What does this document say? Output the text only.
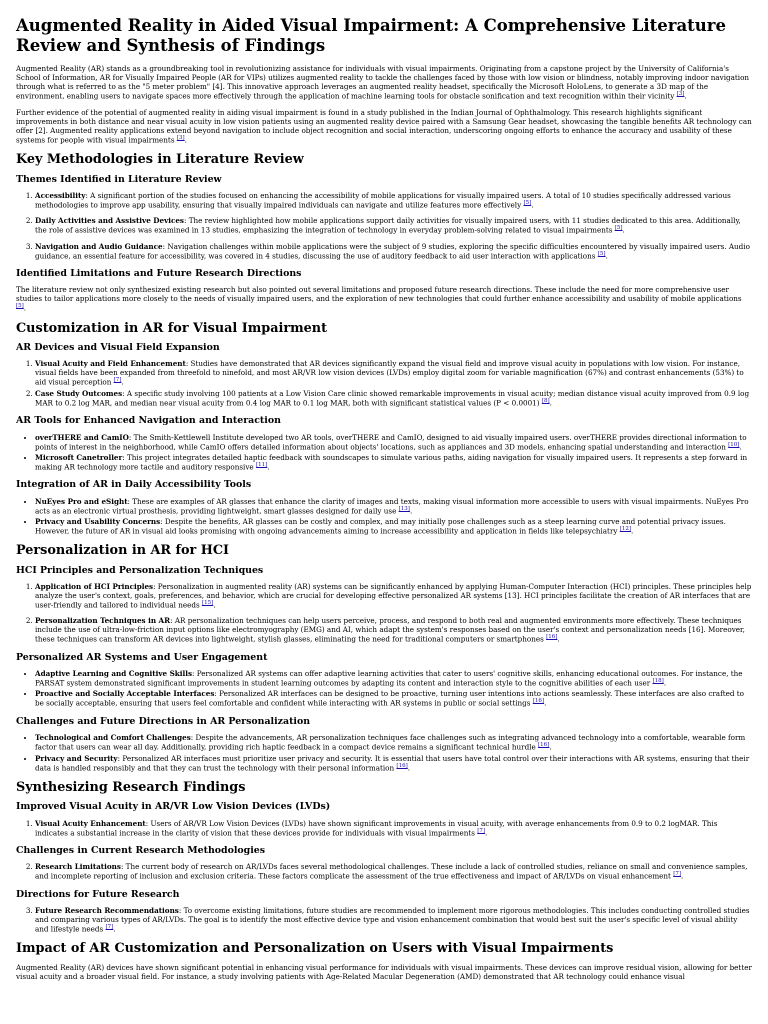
Augmented Reality in Aided Visual Impairment: A Comprehensive Literature Review and Synthesis of Findings

Augmented Reality (AR) stands as a groundbreaking tool in revolutionizing assistance for individuals with visual impairments. Originating from a capstone project by the University of California's School of Information, AR for Visually Impaired People (AR for VIPs) utilizes augmented reality to tackle the challenges faced by those with low vision or blindness, notably improving indoor navigation through what is referred to as the "5 meter problem" [4]. This innovative approach leverages an augmented reality headset, specifically the Microsoft HoloLens, to generate a 3D map of the environment, enabling users to navigate spaces more effectively through the application of machine learning tools for obstacle sonification and text recognition within their vicinity [3].

Further evidence of the potential of augmented reality in aiding visual impairment is found in a study published in the Indian Journal of Ophthalmology. This research highlights significant improvements in both distance and near visual acuity in low vision patients using an augmented reality device paired with a Samsung Gear headset, showcasing the tangible benefits AR technology can offer [2]. Augmented reality applications extend beyond navigation to include object recognition and social interaction, underscoring ongoing efforts to enhance the accuracy and usability of these systems for people with visual impairments [3].

Key Methodologies in Literature Review
Themes Identified in Literature Review
1. Accessibility: A significant portion of the studies focused on enhancing the accessibility of mobile applications for visually impaired users. A total of 10 studies specifically addressed various methodologies to improve app usability, ensuring that visually impaired individuals can navigate and utilize features more effectively [5].
2. Daily Activities and Assistive Devices: The review highlighted how mobile applications support daily activities for visually impaired users, with 11 studies dedicated to this area. Additionally, the role of assistive devices was examined in 13 studies, emphasizing the integration of technology in everyday problem-solving related to visual impairments [5].
3. Navigation and Audio Guidance: Navigation challenges within mobile applications were the subject of 9 studies, exploring the specific difficulties encountered by visually impaired users. Audio guidance, an essential feature for accessibility, was covered in 4 studies, discussing the use of auditory feedback to aid user interaction with applications [5].
Identified Limitations and Future Research Directions

The literature review not only synthesized existing research but also pointed out several limitations and proposed future research directions. These include the need for more comprehensive user studies to tailor applications more closely to the needs of visually impaired users, and the exploration of new technologies that could further enhance accessibility and usability of mobile applications [5].

Customization in AR for Visual Impairment
AR Devices and Visual Field Expansion
1. Visual Acuity and Field Enhancement: Studies have demonstrated that AR devices significantly expand the visual field and improve visual acuity in populations with low vision. For instance, visual fields have been expanded from threefold to ninefold, and most AR/VR low vision devices (LVDs) employ digital zoom for variable magnification (67%) and contrast enhancements (53%) to aid visual perception [7].
2. Case Study Outcomes: A specific study involving 100 patients at a Low Vision Care clinic showed remarkable improvements in visual acuity; median distance visual acuity improved from 0.9 log MAR to 0.2 log MAR, and median near visual acuity from 0.4 log MAR to 0.1 log MAR, both with significant statistical values (P < 0.0001) [8].
AR Tools for Enhanced Navigation and Interaction
• overTHERE and CamIO: The Smith-Kettlewell Institute developed two AR tools, overTHERE and CamIO, designed to aid visually impaired users. overTHERE provides directional information to points of interest in the neighborhood, while CamIO offers detailed information about objects' locations, such as appliances and 3D models, enhancing spatial understanding and interaction [10].
• Microsoft Canetroller: This project integrates detailed haptic feedback with soundscapes to simulate various paths, aiding navigation for visually impaired users. It represents a step forward in making AR technology more tactile and auditory responsive [11].
Integration of AR in Daily Accessibility Tools
• NuEyes Pro and eSight: These are examples of AR glasses that enhance the clarity of images and texts, making visual information more accessible to users with visual impairments. NuEyes Pro acts as an electronic virtual prosthesis, providing lightweight, smart glasses designed for daily use [13].
• Privacy and Usability Concerns: Despite the benefits, AR glasses can be costly and complex, and may initially pose challenges such as a steep learning curve and potential privacy issues. However, the future of AR in visual aid looks promising with ongoing advancements aiming to increase accessibility and application in fields like telepsychiatry [12].
Personalization in AR for HCI
HCI Principles and Personalization Techniques
1. Application of HCI Principles: Personalization in augmented reality (AR) systems can be significantly enhanced by applying Human-Computer Interaction (HCI) principles. These principles help analyze the user's context, goals, preferences, and behavior, which are crucial for developing effective personalized AR systems [13]. HCI principles facilitate the creation of AR interfaces that are user-friendly and tailored to individual needs [15].
2. Personalization Techniques in AR: AR personalization techniques can help users perceive, process, and respond to both real and augmented environments more effectively. These techniques include the use of ultra-low-friction input options like electromyography (EMG) and AI, which adapt the system's responses based on the user's context and personalization needs [16]. Moreover, these techniques can transform AR devices into lightweight, stylish glasses, eliminating the need for traditional computers or smartphones [16].
Personalized AR Systems and User Engagement
• Adaptive Learning and Cognitive Skills: Personalized AR systems can offer adaptive learning activities that cater to users' cognitive skills, enhancing educational outcomes. For instance, the PARSAT system demonstrated significant improvements in student learning outcomes by adapting its content and interaction style to the cognitive abilities of each user [18].
• Proactive and Socially Acceptable Interfaces: Personalized AR interfaces can be designed to be proactive, turning user intentions into actions seamlessly. These interfaces are also crafted to be socially acceptable, ensuring that users feel comfortable and confident while interacting with AR systems in public or social settings [16].
Challenges and Future Directions in AR Personalization
• Technological and Comfort Challenges: Despite the advancements, AR personalization techniques face challenges such as integrating advanced technology into a comfortable, wearable form factor that users can wear all day. Additionally, providing rich haptic feedback in a compact device remains a significant technical hurdle [16].
• Privacy and Security: Personalized AR interfaces must prioritize user privacy and security. It is essential that users have total control over their interactions with AR systems, ensuring that their data is handled responsibly and that they can trust the technology with their personal information [16].
Synthesizing Research Findings
Improved Visual Acuity in AR/VR Low Vision Devices (LVDs)
1. Visual Acuity Enhancement: Users of AR/VR Low Vision Devices (LVDs) have shown significant improvements in visual acuity, with average enhancements from 0.9 to 0.2 logMAR. This indicates a substantial increase in the clarity of vision that these devices provide for individuals with visual impairments [7].
Challenges in Current Research Methodologies
2. Research Limitations: The current body of research on AR/LVDs faces several methodological challenges. These include a lack of controlled studies, reliance on small and convenience samples, and incomplete reporting of inclusion and exclusion criteria. These factors complicate the assessment of the true effectiveness and impact of AR/LVDs on visual enhancement [7].
Directions for Future Research
3. Future Research Recommendations: To overcome existing limitations, future studies are recommended to implement more rigorous methodologies. This includes conducting controlled studies and comparing various types of AR/LVDs. The goal is to identify the most effective device type and vision enhancement combination that would best suit the user's specific level of visual ability and lifestyle needs [7].
Impact of AR Customization and Personalization on Users with Visual Impairments

Augmented Reality (AR) devices have shown significant potential in enhancing visual performance for individuals with visual impairments. These devices can improve residual vision, allowing for better visual acuity and a broader visual field. For instance, a study involving patients with Age-Related Macular Degeneration (AMD) demonstrated that AR technology could enhance visual
